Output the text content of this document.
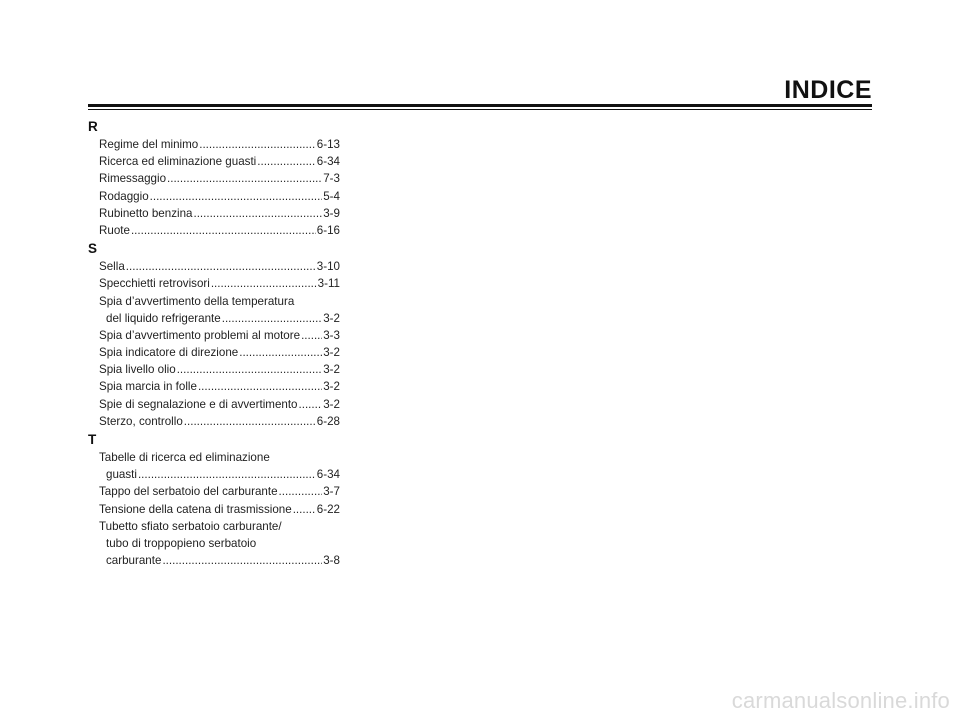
INDICE
R
Regime del minimo .....	6-13
Ricerca ed eliminazione guasti .....	6-34
Rimessaggio .....	7-3
Rodaggio .....	5-4
Rubinetto benzina .....	3-9
Ruote .....	6-16
S
Sella .....	3-10
Specchietti retrovisori .....	3-11
Spia d’avvertimento della temperatura
del liquido refrigerante .....	3-2
Spia d’avvertimento problemi al motore ..... 3-3
Spia indicatore di direzione .....	3-2
Spia livello olio .....	3-2
Spia marcia in folle .....	3-2
Spie di segnalazione e di avvertimento ..... 3-2
Sterzo, controllo .....	6-28
T
Tabelle di ricerca ed eliminazione
guasti .....	6-34
Tappo del serbatoio del carburante .....	3-7
Tensione della catena di trasmissione ..... 6-22
Tubetto sfiato serbatoio carburante/
tubo di troppopieno serbatoio
carburante .....	3-8
carmanualsonline.info
